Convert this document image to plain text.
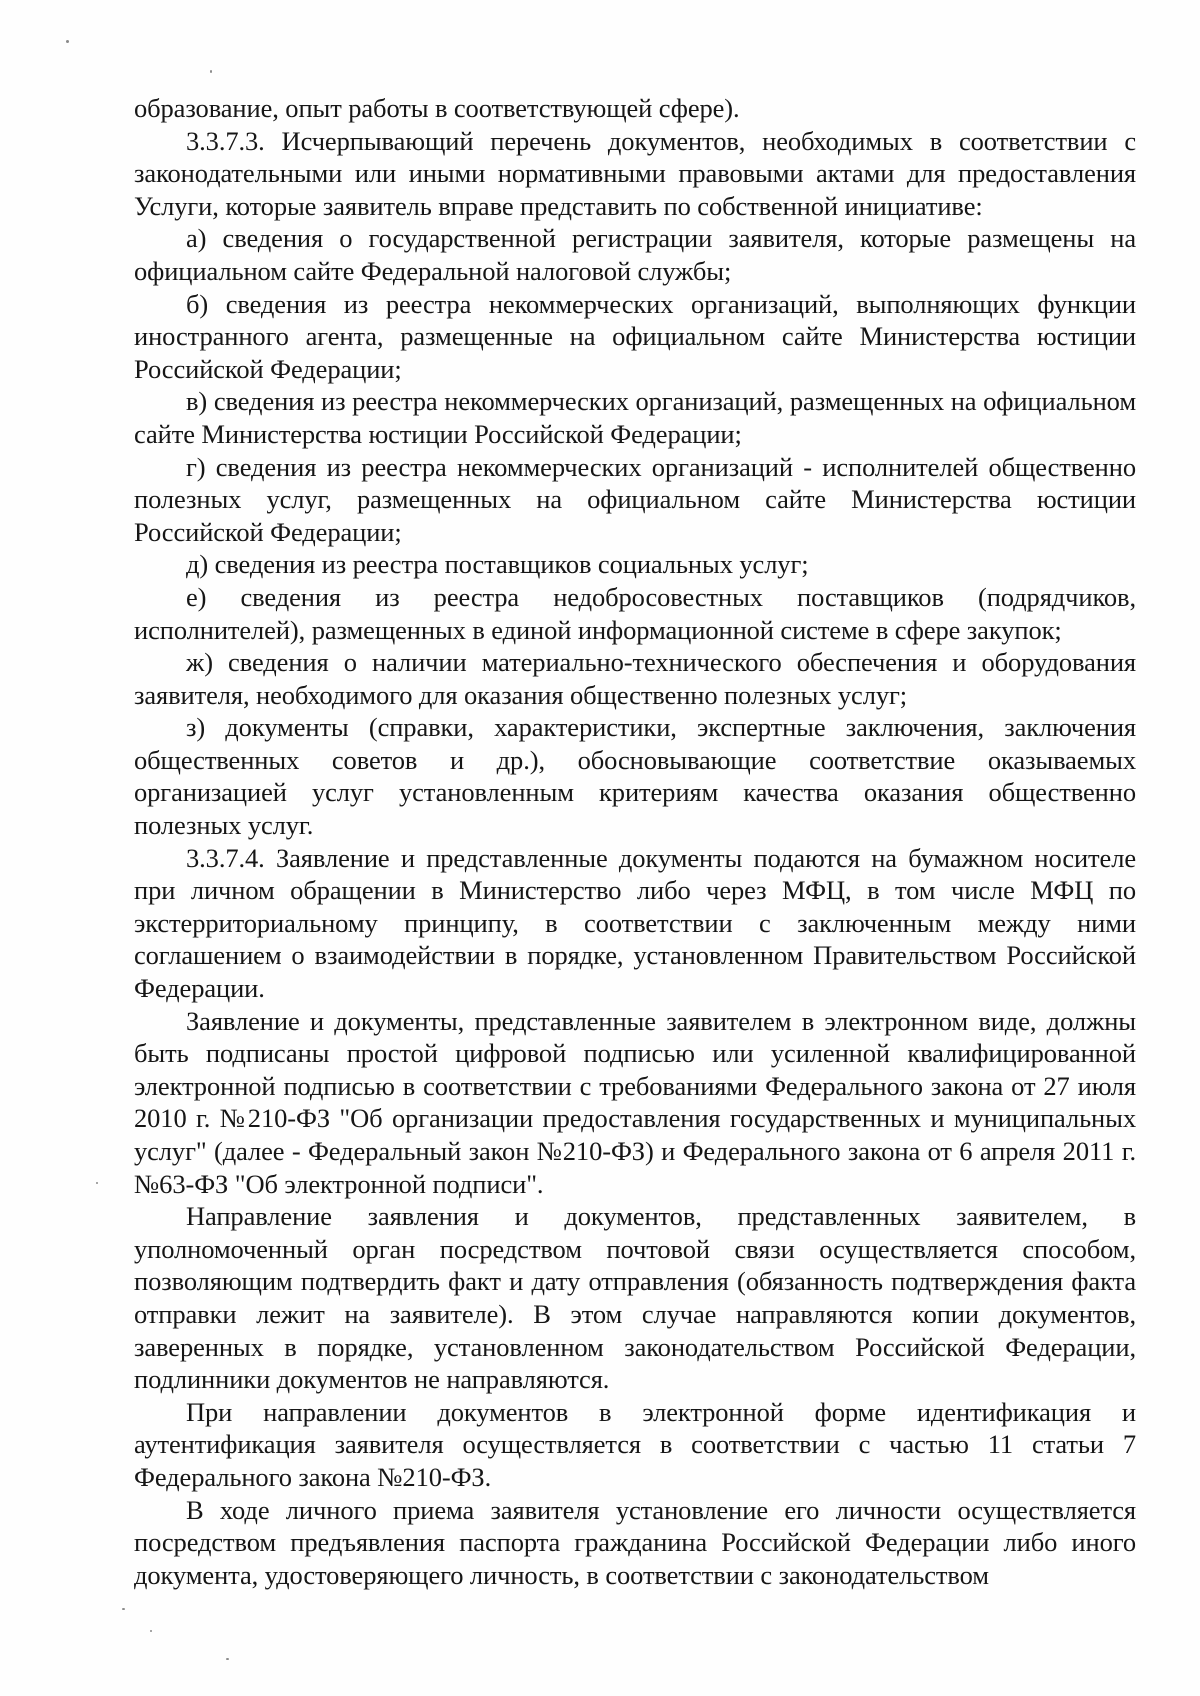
образование, опыт работы в соответствующей сфере).

3.3.7.3. Исчерпывающий перечень документов, необходимых в соответствии с законодательными или иными нормативными правовыми актами для предоставления Услуги, которые заявитель вправе представить по собственной инициативе:

а) сведения о государственной регистрации заявителя, которые размещены на официальном сайте Федеральной налоговой службы;

б) сведения из реестра некоммерческих организаций, выполняющих функции иностранного агента, размещенные на официальном сайте Министерства юстиции Российской Федерации;

в) сведения из реестра некоммерческих организаций, размещенных на официальном сайте Министерства юстиции Российской Федерации;

г) сведения из реестра некоммерческих организаций - исполнителей общественно полезных услуг, размещенных на официальном сайте Министерства юстиции Российской Федерации;

д) сведения из реестра поставщиков социальных услуг;

е) сведения из реестра недобросовестных поставщиков (подрядчиков, исполнителей), размещенных в единой информационной системе в сфере закупок;

ж) сведения о наличии материально-технического обеспечения и оборудования заявителя, необходимого для оказания общественно полезных услуг;

з) документы (справки, характеристики, экспертные заключения, заключения общественных советов и др.), обосновывающие соответствие оказываемых организацией услуг установленным критериям качества оказания общественно полезных услуг.

3.3.7.4. Заявление и представленные документы подаются на бумажном носителе при личном обращении в Министерство либо через МФЦ, в том числе МФЦ по экстерриториальному принципу, в соответствии с заключенным между ними соглашением о взаимодействии в порядке, установленном Правительством Российской Федерации.

Заявление и документы, представленные заявителем в электронном виде, должны быть подписаны простой цифровой подписью или усиленной квалифицированной электронной подписью в соответствии с требованиями Федерального закона от 27 июля 2010 г. №210-ФЗ "Об организации предоставления государственных и муниципальных услуг" (далее - Федеральный закон №210-ФЗ) и Федерального закона от 6 апреля 2011 г. №63-ФЗ "Об электронной подписи".

Направление заявления и документов, представленных заявителем, в уполномоченный орган посредством почтовой связи осуществляется способом, позволяющим подтвердить факт и дату отправления (обязанность подтверждения факта отправки лежит на заявителе). В этом случае направляются копии документов, заверенных в порядке, установленном законодательством Российской Федерации, подлинники документов не направляются.

При направлении документов в электронной форме идентификация и аутентификация заявителя осуществляется в соответствии с частью 11 статьи 7 Федерального закона №210-ФЗ.

В ходе личного приема заявителя установление его личности осуществляется посредством предъявления паспорта гражданина Российской Федерации либо иного документа, удостоверяющего личность, в соответствии с законодательством
